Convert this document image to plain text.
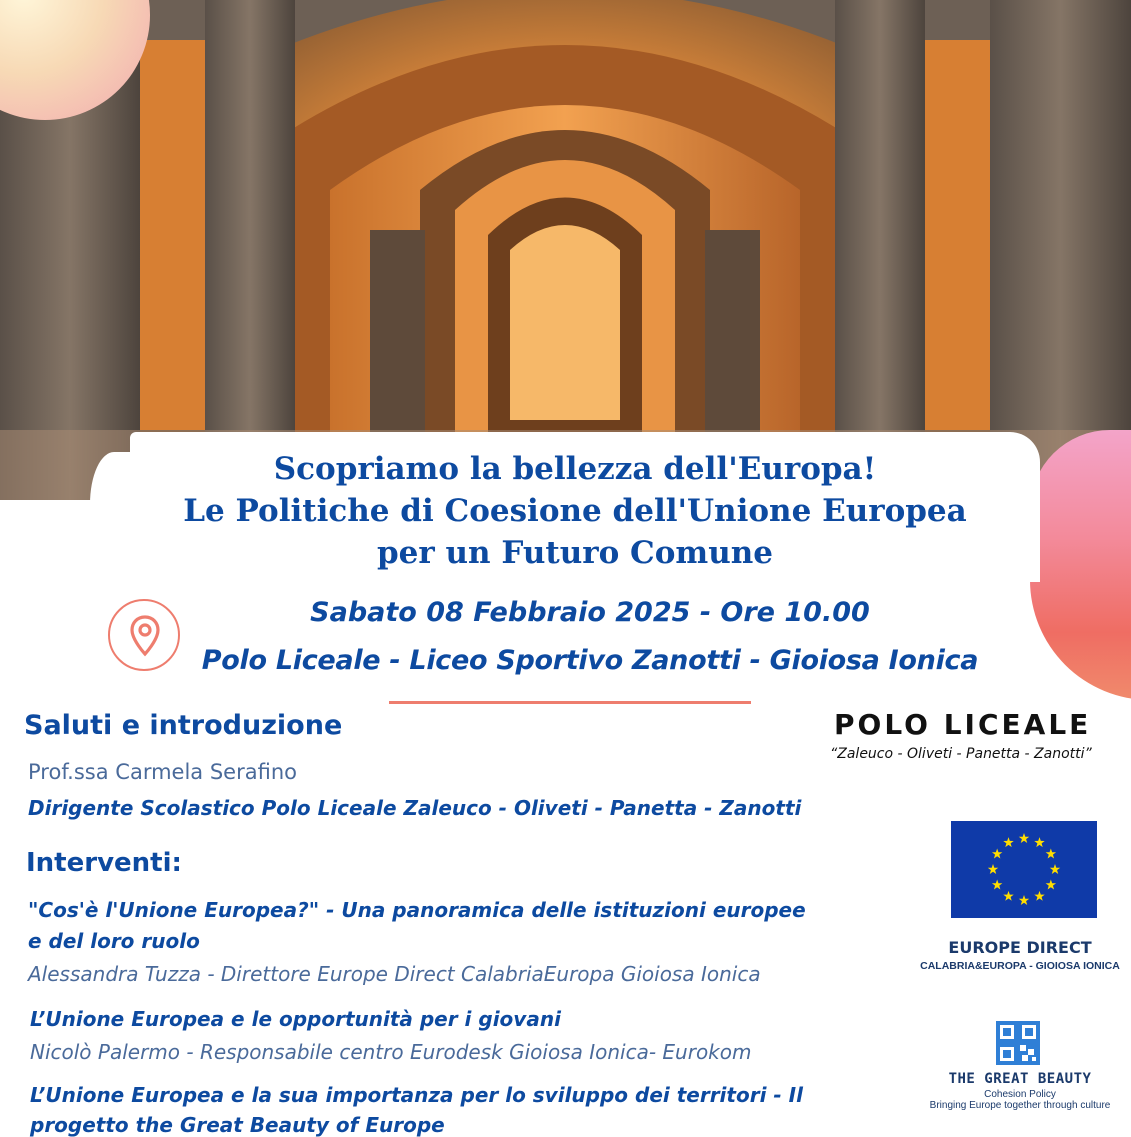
Scopriamo la bellezza dell'Europa!
Le Politiche di Coesione dell'Unione Europea
per un Futuro Comune
Sabato 08 Febbraio 2025 - Ore 10.00
Polo Liceale - Liceo Sportivo Zanotti - Gioiosa Ionica
Saluti e introduzione
Prof.ssa Carmela Serafino
Dirigente Scolastico Polo Liceale Zaleuco - Oliveti - Panetta - Zanotti
Interventi:
"Cos'è l'Unione Europea?" - Una panoramica delle istituzioni europee
e del loro ruolo
Alessandra Tuzza - Direttore Europe Direct CalabriaEuropa Gioiosa Ionica
L’Unione Europea e le opportunità per i giovani
Nicolò Palermo - Responsabile centro Eurodesk Gioiosa Ionica- Eurokom
L’Unione Europea e la sua importanza per lo sviluppo dei territori - Il
progetto the Great Beauty of Europe
POLO LICEALE
“Zaleuco - Oliveti - Panetta - Zanotti”
EUROPE DIRECT
CALABRIA&EUROPA - GIOIOSA IONICA
THE GREAT BEAUTY
Cohesion Policy
Bringing Europe together through culture
